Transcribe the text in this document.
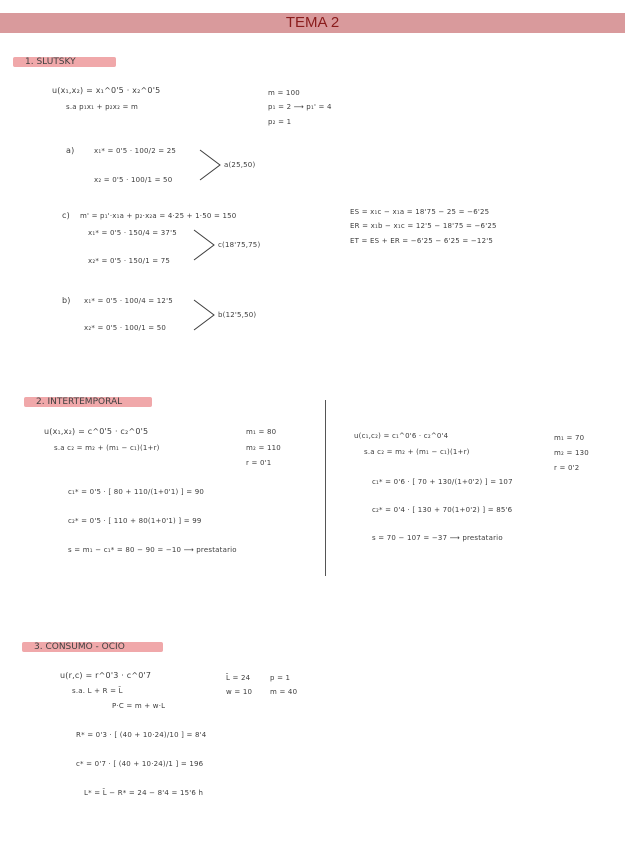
TEMA 2
1. SLUTSKY
u(x₁,x₂) = x₁^0'5 · x₂^0'5
s.a p₁x₁ + p₂x₂ = m
m = 100
p₁ = 2 ⟶ p₁' = 4
p₂ = 1
a)	x₁* = 0'5 · 100/2 = 25
x₂ = 0'5 · 100/1 = 50
a(25,50)
c) m' = p₁'·x₁a + p₂·x₂a = 4·25 + 1·50 = 150
x₁* = 0'5 · 150/4 = 37'5
x₂* = 0'5 · 150/1 = 75
c(18'75,75)
ES = x₁c − x₁a = 18'75 − 25 = −6'25
ER = x₁b − x₁c = 12'5 − 18'75 = −6'25
ET = ES + ER = −6'25 − 6'25 = −12'5
b) x₁* = 0'5 · 100/4 = 12'5
x₂* = 0'5 · 100/1 = 50
b(12'5,50)
2. INTERTEMPORAL
u(x₁,x₂) = c^0'5 · c₂^0'5
s.a c₂ = m₂ + (m₁ − c₁)(1+r)
m₁ = 80
m₂ = 110
r = 0'1
c₁* = 0'5 · [ 80 + 110/(1+0'1) ] = 90
c₂* = 0'5 · [ 110 + 80(1+0'1) ] = 99
s = m₁ − c₁* = 80 − 90 = −10 ⟶ prestatario
u(c₁,c₂) = c₁^0'6 · c₂^0'4
s.a c₂ = m₂ + (m₁ − c₁)(1+r)
m₁ = 70
m₂ = 130
r = 0'2
c₁* = 0'6 · [ 70 + 130/(1+0'2) ] = 107
c₂* = 0'4 · [ 130 + 70(1+0'2) ] = 85'6
s = 70 − 107 = −37 ⟶ prestatario
3. CONSUMO - OCIO
u(r,c) = r^0'3 · c^0'7
s.a. L + R = L̄
P·C = m + w·L
L̄ = 24	p = 1
w = 10	m = 40
R* = 0'3 · [ (40 + 10·24)/10 ] = 8'4
c* = 0'7 · [ (40 + 10·24)/1 ] = 196
L* = L̄ − R* = 24 − 8'4 = 15'6 h
